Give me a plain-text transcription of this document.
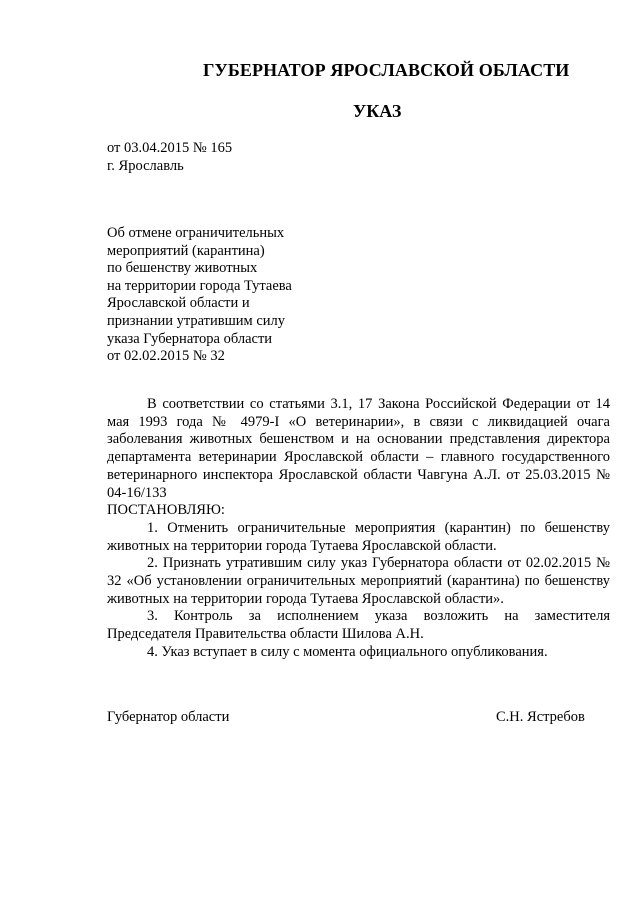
ГУБЕРНАТОР ЯРОСЛАВСКОЙ ОБЛАСТИ
УКАЗ
от 03.04.2015 № 165
г. Ярославль
Об отмене ограничительных
мероприятий (карантина)
по бешенству животных
на территории города Тутаева
Ярославской области и
признании утратившим силу
указа Губернатора области
от 02.02.2015 № 32

В соответствии со статьями 3.1, 17 Закона Российской Федерации от 14 мая 1993 года № 4979-I «О ветеринарии», в связи с ликвидацией очага заболевания животных бешенством и на основании представления директора департамента ветеринарии Ярославской области – главного государственного ветеринарного инспектора Ярославской области Чавгуна А.Л. от 25.03.2015 № 04-16/133

ПОСТАНОВЛЯЮ:

1. Отменить ограничительные мероприятия (карантин) по бешенству животных на территории города Тутаева Ярославской области.

2. Признать утратившим силу указ Губернатора области от 02.02.2015 № 32 «Об установлении ограничительных мероприятий (карантина) по бешенству животных на территории города Тутаева Ярославской области».

3. Контроль за исполнением указа возложить на заместителя Председателя Правительства области Шилова А.Н.

4. Указ вступает в силу с момента официального опубликования.

Губернатор области	С.Н. Ястребов
